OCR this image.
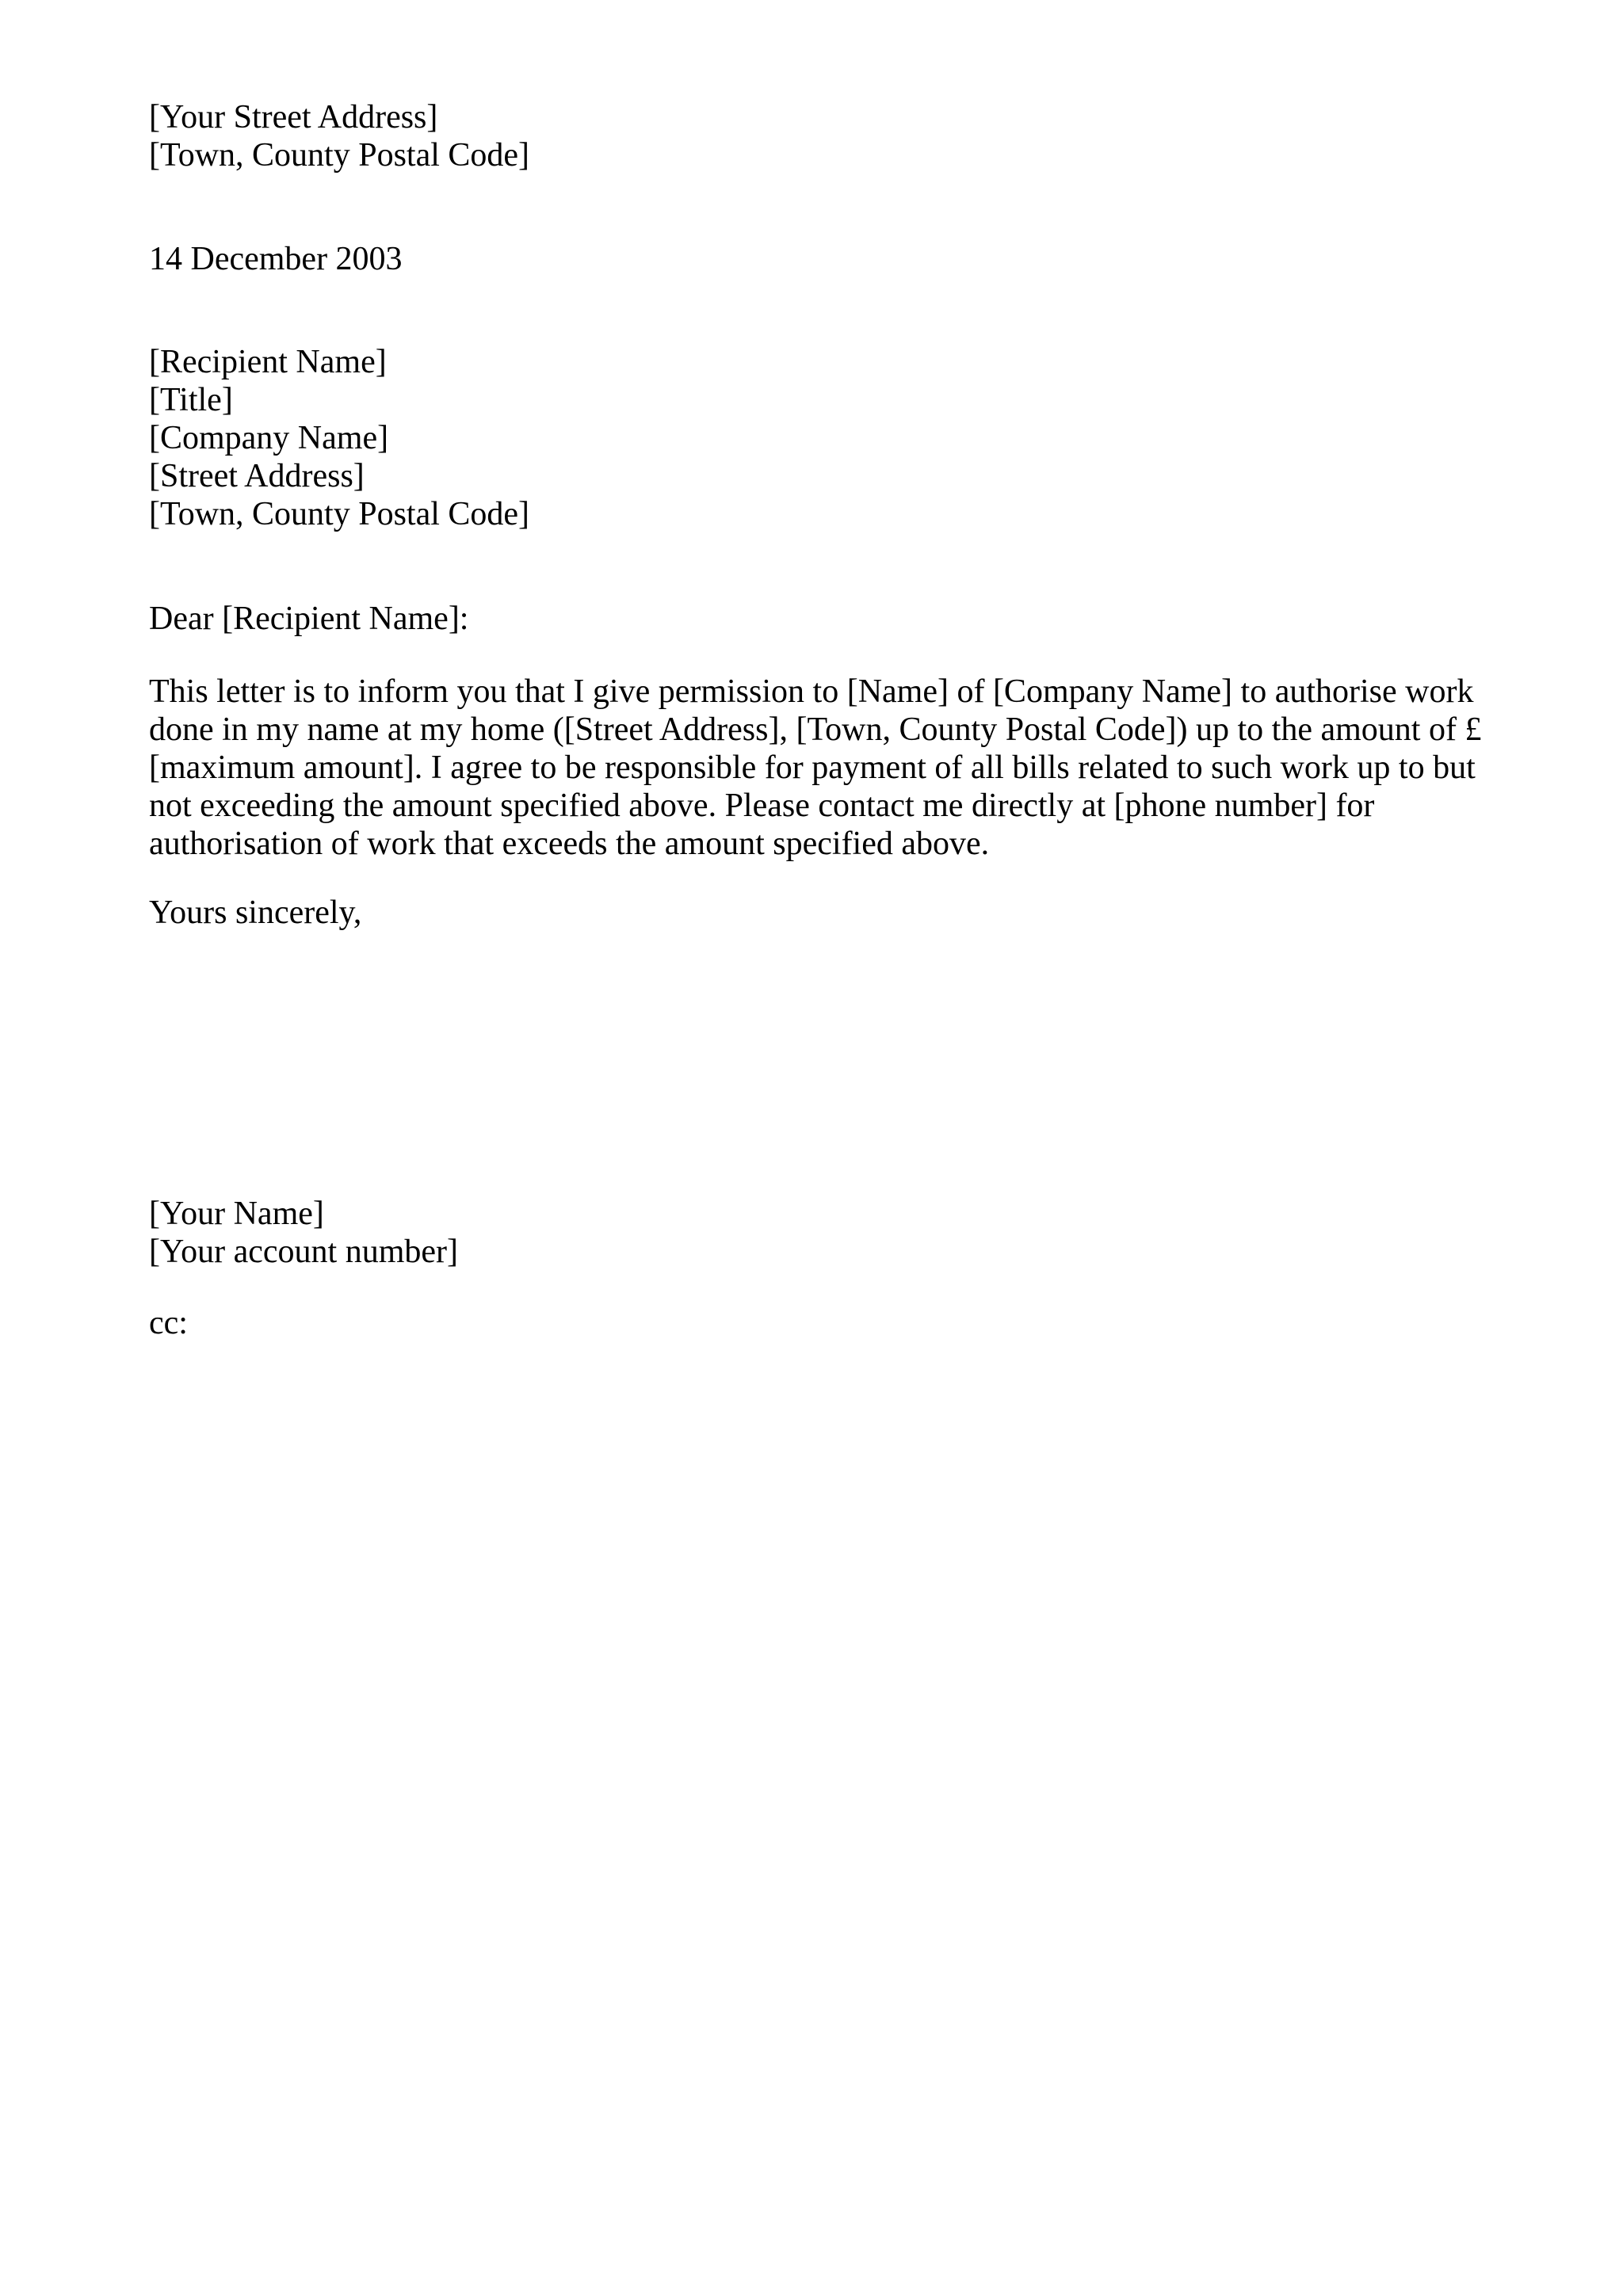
[Your Street Address]
[Town, County Postal Code]
14 December 2003
[Recipient Name]
[Title]
[Company Name]
[Street Address]
[Town, County Postal Code]
Dear [Recipient Name]:
This letter is to inform you that I give permission to [Name] of [Company Name] to authorise work
done in my name at my home ([Street Address], [Town, County Postal Code]) up to the amount of £
[maximum amount]. I agree to be responsible for payment of all bills related to such work up to but
not exceeding the amount specified above. Please contact me directly at [phone number] for
authorisation of work that exceeds the amount specified above.
Yours sincerely,
[Your Name]
[Your account number]
cc:
